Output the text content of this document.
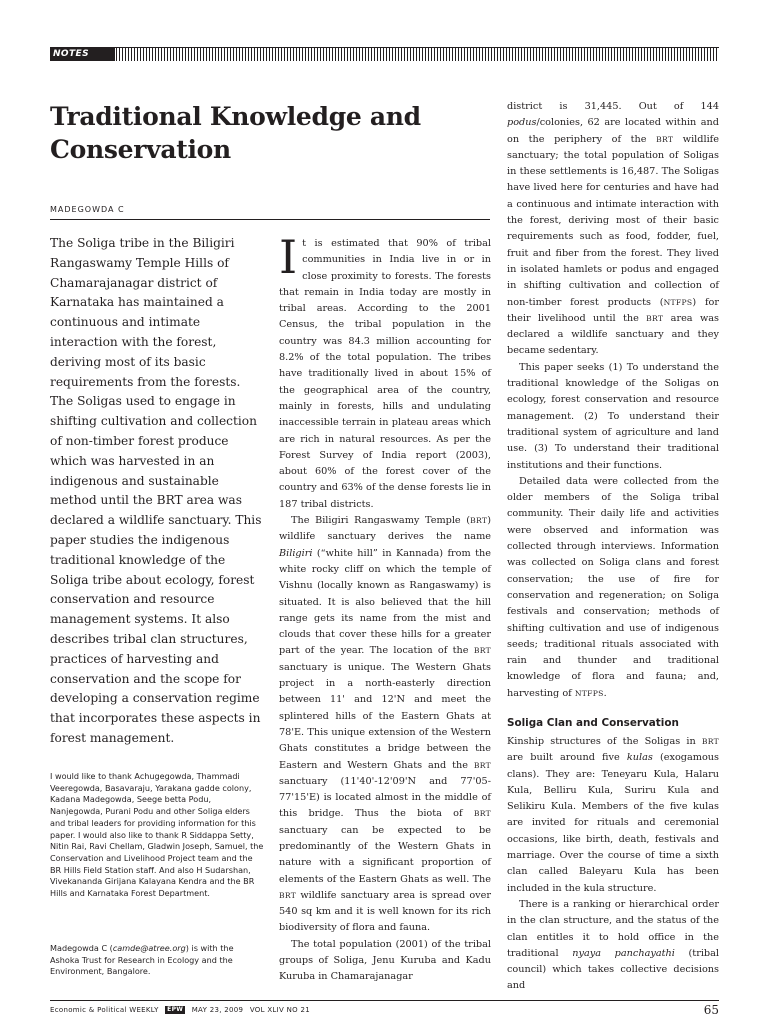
NOTES
Traditional Knowledge and Conservation
MADEGOWDA C

The Soliga tribe in the Biligiri Rangaswamy Temple Hills of Chamarajanagar district of Karnataka has maintained a continuous and intimate interaction with the forest, deriving most of its basic requirements from the forests. The Soligas used to engage in shifting cultivation and collection of non-timber forest produce which was harvested in an indigenous and sustainable method until the BRT area was declared a wildlife sanctuary. This paper studies the indigenous traditional knowledge of the Soliga tribe about ecology, forest conservation and resource management systems. It also describes tribal clan structures, practices of harvesting and conservation and the scope for developing a conservation regime that incorporates these aspects in forest management.

I would like to thank Achugegowda, Thammadi Veeregowda, Basavaraju, Yarakana gadde colony, Kadana Madegowda, Seege betta Podu, Nanjegowda, Purani Podu and other Soliga elders and tribal leaders for providing information for this paper. I would also like to thank R Siddappa Setty, Nitin Rai, Ravi Chellam, Gladwin Joseph, Samuel, the Conservation and Livelihood Project team and the BR Hills Field Station staff. And also H Sudarshan, Vivekananda Girijana Kalayana Kendra and the BR Hills and Karnataka Forest Department.

Madegowda C (camde@atree.org) is with the Ashoka Trust for Research in Ecology and the Environment, Bangalore.

It is estimated that 90% of tribal communities in India live in or in close proximity to forests. The forests that remain in India today are mostly in tribal areas. According to the 2001 Census, the tribal population in the country was 84.3 million accounting for 8.2% of the total population. The tribes have traditionally lived in about 15% of the geographical area of the country, mainly in forests, hills and undulating inaccessible terrain in plateau areas which are rich in natural resources. As per the Forest Survey of India report (2003), about 60% of the forest cover of the country and 63% of the dense forests lie in 187 tribal districts.

The Biligiri Rangaswamy Temple (BRT) wildlife sanctuary derives the name Biligiri (“white hill” in Kannada) from the white rocky cliff on which the temple of Vishnu (locally known as Rangaswamy) is situated. It is also believed that the hill range gets its name from the mist and clouds that cover these hills for a greater part of the year. The location of the BRT sanctuary is unique. The Western Ghats project in a north-easterly direction between 11' and 12'N and meet the splintered hills of the Eastern Ghats at 78'E. This unique extension of the Western Ghats constitutes a bridge between the Eastern and Western Ghats and the BRT sanctuary (11'40'-12'09'N and 77'05-77'15'E) is located almost in the middle of this bridge. Thus the biota of BRT sanctuary can be expected to be predominantly of the Western Ghats in nature with a significant proportion of elements of the Eastern Ghats as well. The BRT wildlife sanctuary area is spread over 540 sq km and it is well known for its rich biodiversity of flora and fauna.

The total population (2001) of the tribal groups of Soliga, Jenu Kuruba and Kadu Kuruba in Chamarajanagar

district is 31,445. Out of 144 podus/colonies, 62 are located within and on the periphery of the BRT wildlife sanctuary; the total population of Soligas in these settlements is 16,487. The Soligas have lived here for centuries and have had a continuous and intimate interaction with the forest, deriving most of their basic requirements such as food, fodder, fuel, fruit and fiber from the forest. They lived in isolated hamlets or podus and engaged in shifting cultivation and collection of non-timber forest products (NTFPS) for their livelihood until the BRT area was declared a wildlife sanctuary and they became sedentary.

This paper seeks (1) To understand the traditional knowledge of the Soligas on ecology, forest conservation and resource management. (2) To understand their traditional system of agriculture and land use. (3) To understand their traditional institutions and their functions.

Detailed data were collected from the older members of the Soliga tribal community. Their daily life and activities were observed and information was collected through interviews. Information was collected on Soliga clans and forest conservation; the use of fire for conservation and regeneration; on Soliga festivals and conservation; methods of shifting cultivation and use of indigenous seeds; traditional rituals associated with rain and thunder and traditional knowledge of flora and fauna; and, harvesting of NTFPS.

Soliga Clan and Conservation

Kinship structures of the Soligas in BRT are built around five kulas (exogamous clans). They are: Teneyaru Kula, Halaru Kula, Belliru Kula, Suriru Kula and Selikiru Kula. Members of the five kulas are invited for rituals and ceremonial occasions, like birth, death, festivals and marriage. Over the course of time a sixth clan called Baleyaru Kula has been included in the kula structure.

There is a ranking or hierarchical order in the clan structure, and the status of the clan entitles it to hold office in the traditional nyaya panchayathi (tribal council) which takes collective decisions and

Economic & Political WEEKLY EPW MAY 23, 2009 VOL XLIV NO 21	65
